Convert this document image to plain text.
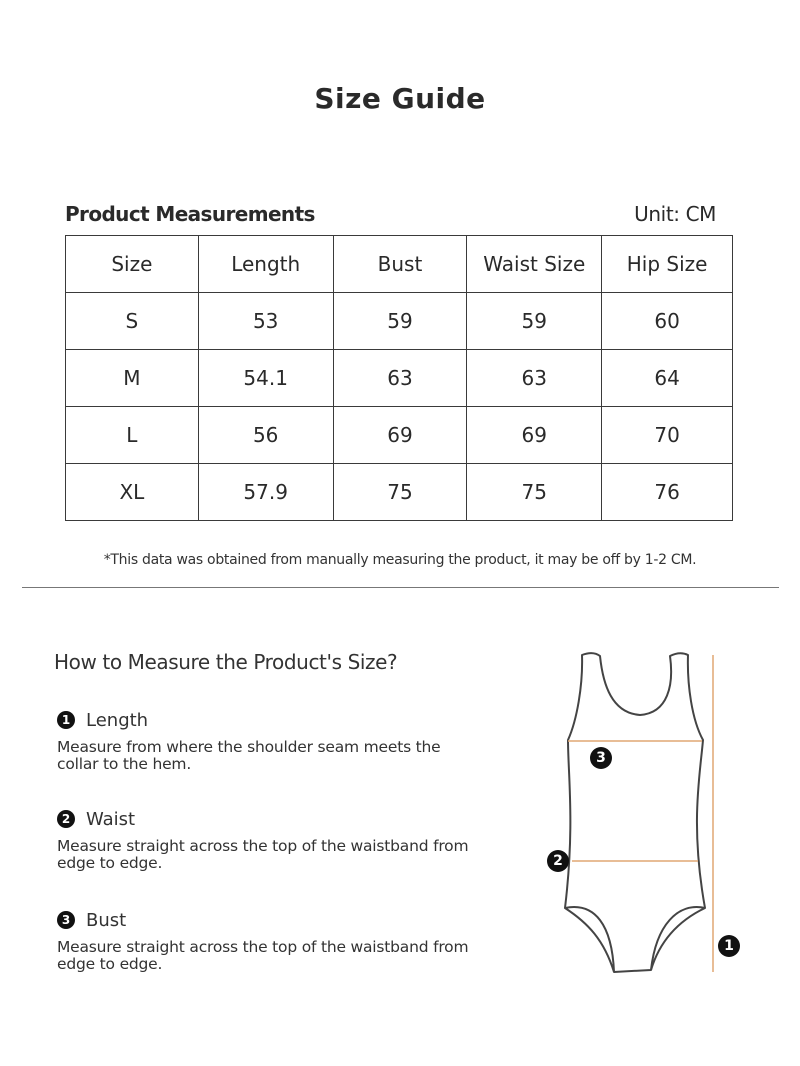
Size Guide
Product Measurements	Unit: CM
Size	Length	Bust	Waist Size	Hip Size
S	53	59	59	60
M	54.1	63	63	64
L	56	69	69	70
XL	57.9	75	75	76
*This data was obtained from manually measuring the product, it may be off by 1-2 CM.
How to Measure the Product's Size?
1 Length
Measure from where the shoulder seam meets the collar to the hem.
2 Waist
Measure straight across the top of the waistband from edge to edge.
3 Bust
Measure straight across the top of the waistband from edge to edge.
3
2
1
